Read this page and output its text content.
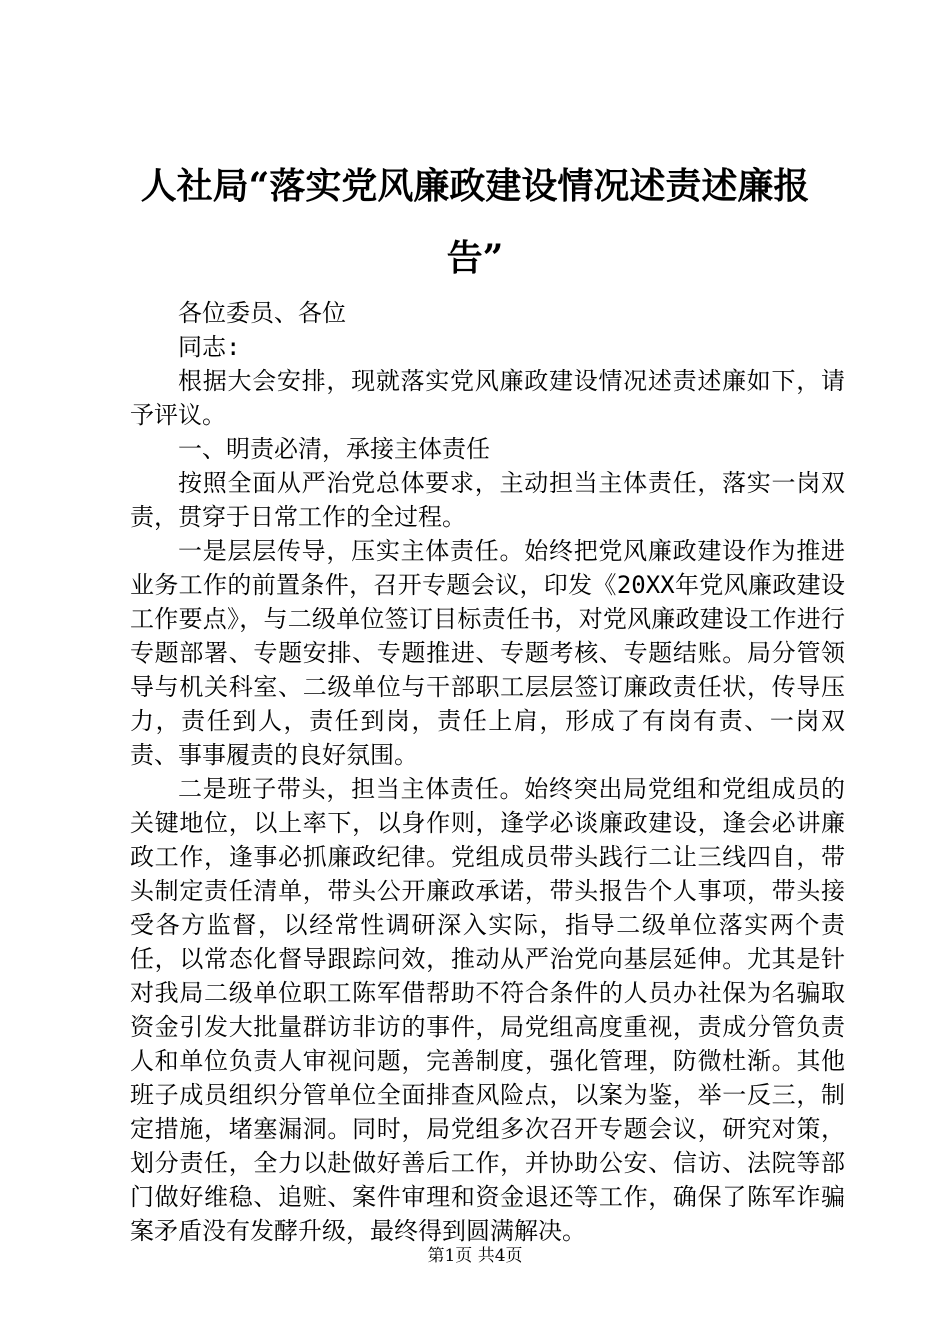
人社局“落实党风廉政建设情况述责述廉报告”

各位委员、各位

同志:

根据大会安排，现就落实党风廉政建设情况述责述廉如下，请予评议。

一、明责必清，承接主体责任

按照全面从严治党总体要求，主动担当主体责任，落实一岗双责，贯穿于日常工作的全过程。

一是层层传导，压实主体责任。始终把党风廉政建设作为推进业务工作的前置条件，召开专题会议，印发《20XX年党风廉政建设工作要点》，与二级单位签订目标责任书，对党风廉政建设工作进行专题部署、专题安排、专题推进、专题考核、专题结账。局分管领导与机关科室、二级单位与干部职工层层签订廉政责任状，传导压力，责任到人，责任到岗，责任上肩，形成了有岗有责、一岗双责、事事履责的良好氛围。

二是班子带头，担当主体责任。始终突出局党组和党组成员的关键地位，以上率下，以身作则，逢学必谈廉政建设，逢会必讲廉政工作，逢事必抓廉政纪律。党组成员带头践行二让三线四自，带头制定责任清单，带头公开廉政承诺，带头报告个人事项，带头接受各方监督，以经常性调研深入实际，指导二级单位落实两个责任，以常态化督导跟踪问效，推动从严治党向基层延伸。尤其是针对我局二级单位职工陈军借帮助不符合条件的人员办社保为名骗取资金引发大批量群访非访的事件，局党组高度重视，责成分管负责人和单位负责人审视问题，完善制度，强化管理，防微杜渐。其他班子成员组织分管单位全面排查风险点，以案为鉴，举一反三，制定措施，堵塞漏洞。同时，局党组多次召开专题会议，研究对策，划分责任，全力以赴做好善后工作，并协助公安、信访、法院等部门做好维稳、追赃、案件审理和资金退还等工作，确保了陈军诈骗案矛盾没有发酵升级，最终得到圆满解决。

第1页 共4页
